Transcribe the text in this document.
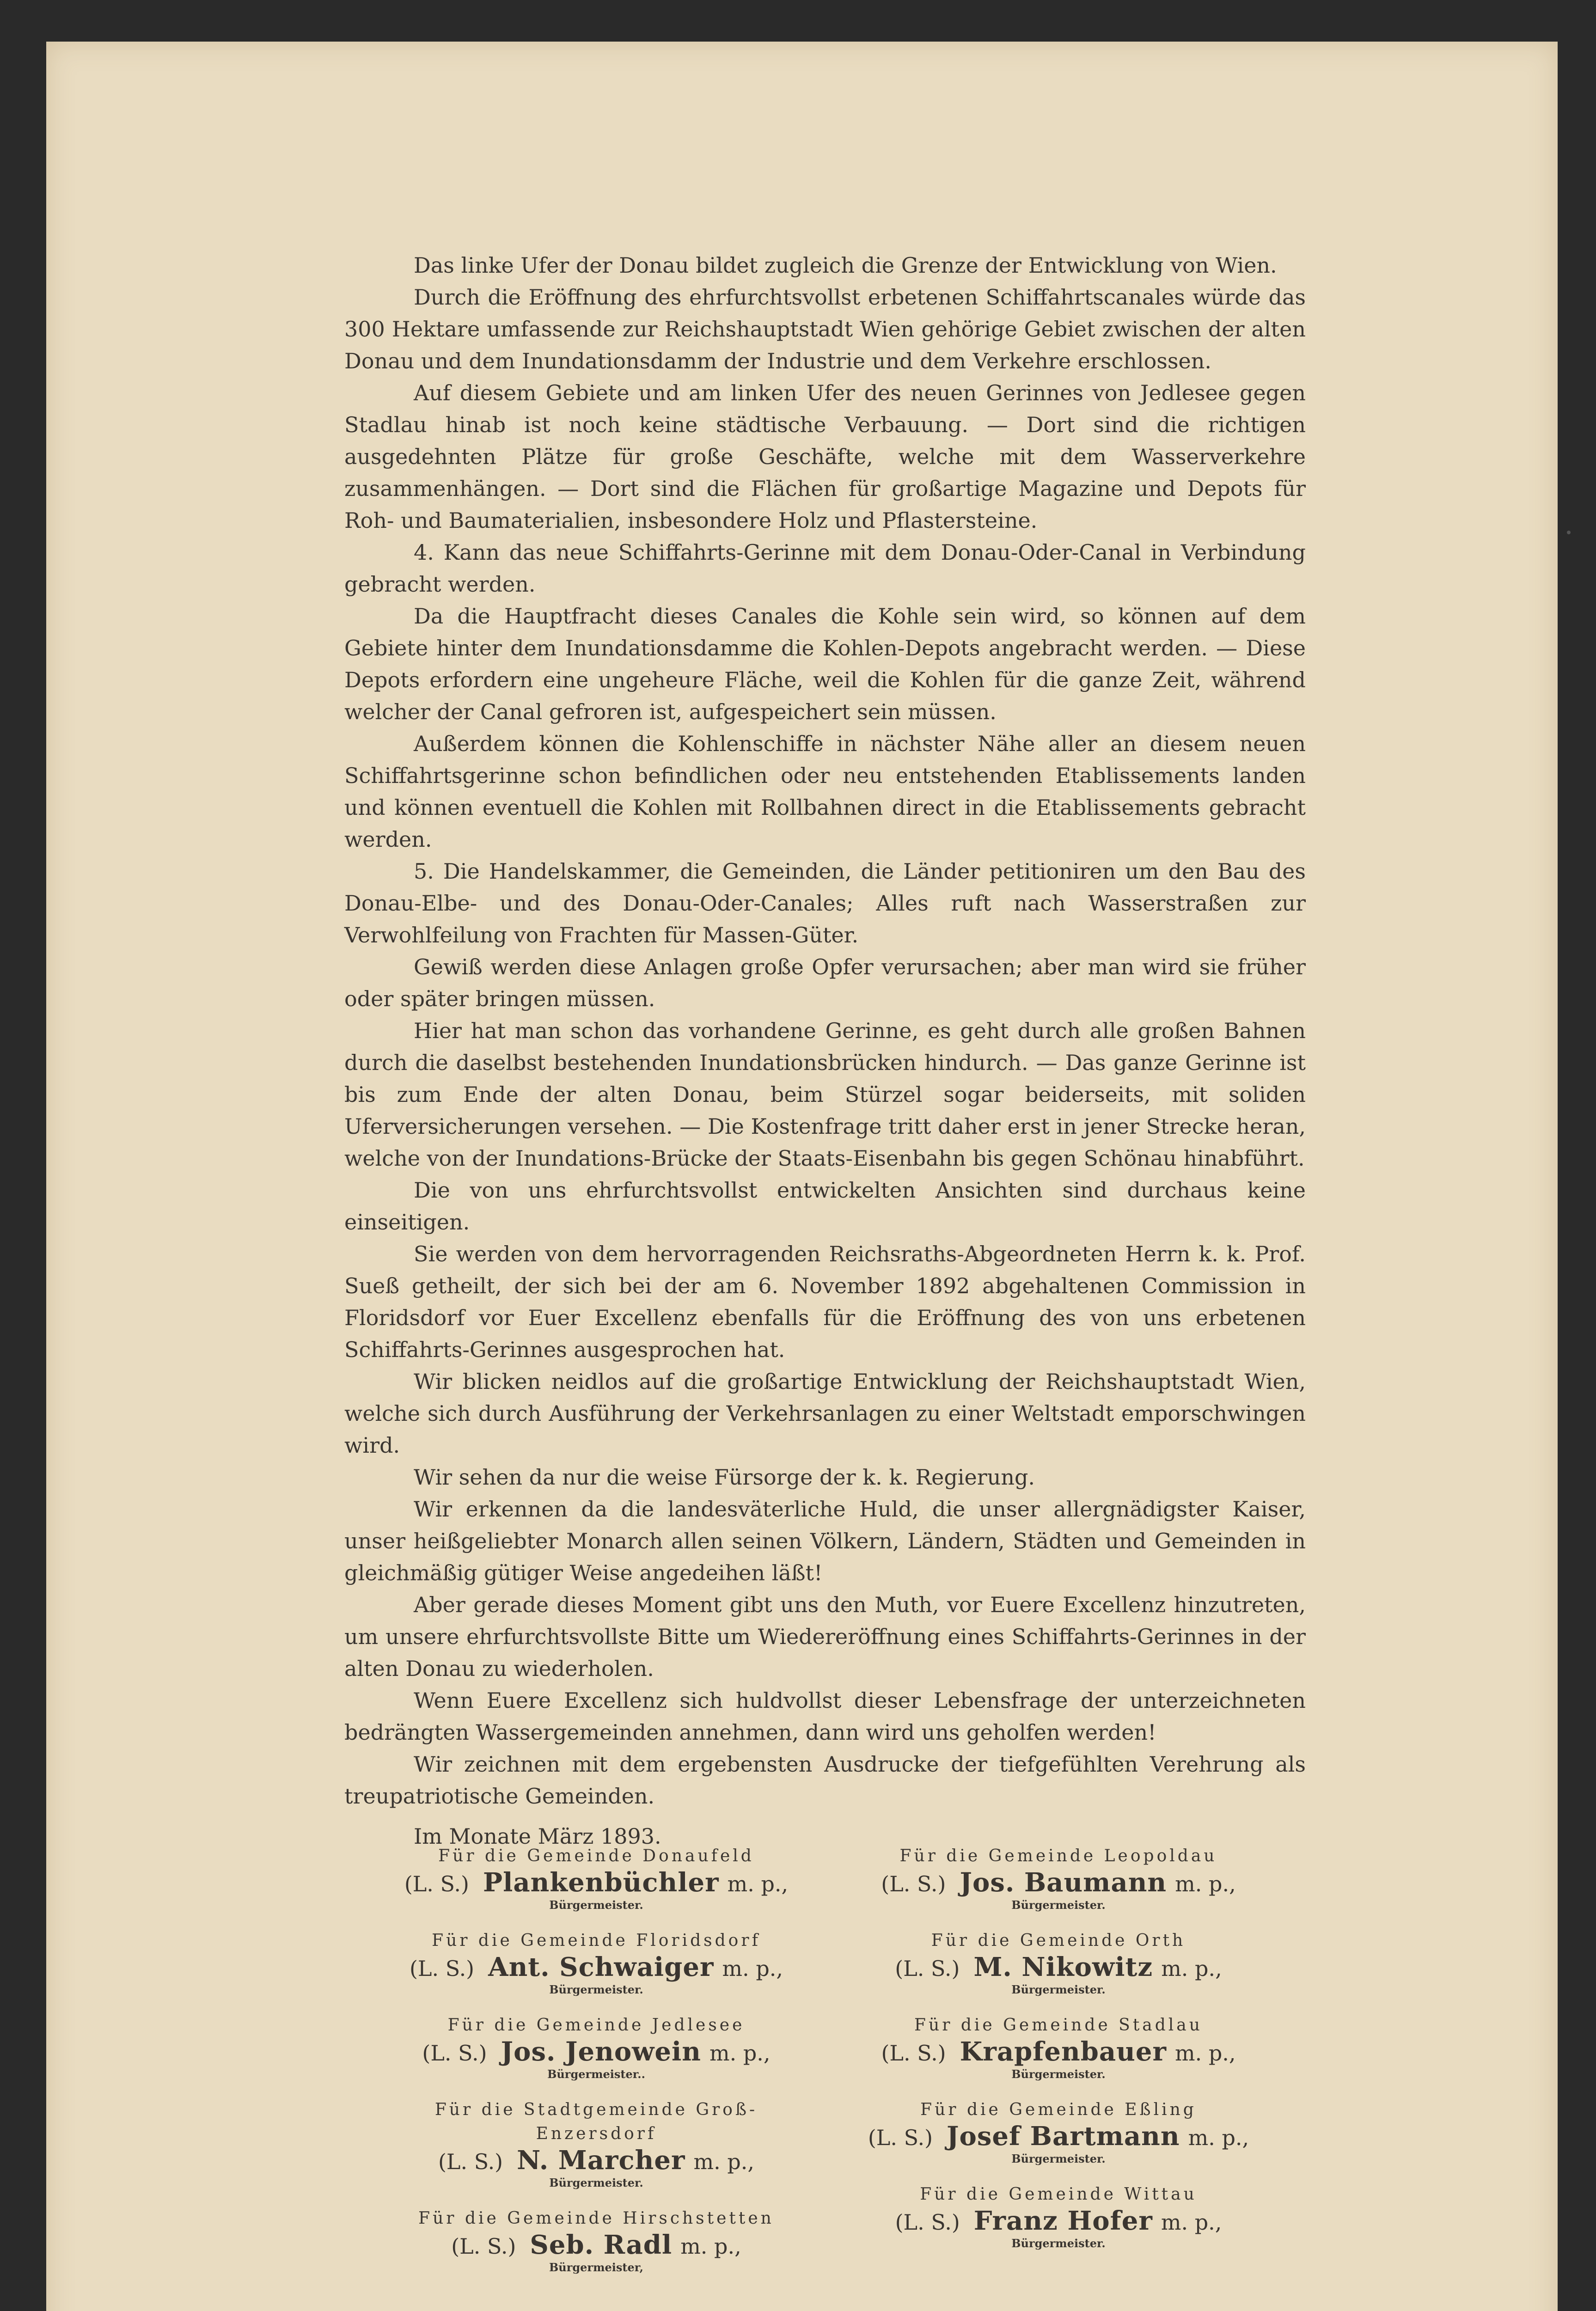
Das linke Ufer der Donau bildet zugleich die Grenze der Entwicklung von Wien.

Durch die Eröffnung des ehrfurchtsvollst erbetenen Schiffahrtscanales würde das 300 Hektare umfassende zur Reichshauptstadt Wien gehörige Gebiet zwischen der alten Donau und dem Inundationsdamm der Industrie und dem Verkehre erschlossen.

Auf diesem Gebiete und am linken Ufer des neuen Gerinnes von Jedlesee gegen Stadlau hinab ist noch keine städtische Verbauung. — Dort sind die richtigen ausgedehnten Plätze für große Geschäfte, welche mit dem Wasserverkehre zusammenhängen. — Dort sind die Flächen für großartige Magazine und Depots für Roh- und Baumaterialien, insbesondere Holz und Pflastersteine.

4. Kann das neue Schiffahrts-Gerinne mit dem Donau-Oder-Canal in Verbindung gebracht werden.

Da die Hauptfracht dieses Canales die Kohle sein wird, so können auf dem Gebiete hinter dem Inundationsdamme die Kohlen-Depots angebracht werden. — Diese Depots erfordern eine ungeheure Fläche, weil die Kohlen für die ganze Zeit, während welcher der Canal gefroren ist, aufgespeichert sein müssen.

Außerdem können die Kohlenschiffe in nächster Nähe aller an diesem neuen Schiffahrtsgerinne schon befindlichen oder neu entstehenden Etablissements landen und können eventuell die Kohlen mit Rollbahnen direct in die Etablissements gebracht werden.

5. Die Handelskammer, die Gemeinden, die Länder petitioniren um den Bau des Donau-Elbe- und des Donau-Oder-Canales; Alles ruft nach Wasserstraßen zur Verwohlfeilung von Frachten für Massen-Güter.

Gewiß werden diese Anlagen große Opfer verursachen; aber man wird sie früher oder später bringen müssen.

Hier hat man schon das vorhandene Gerinne, es geht durch alle großen Bahnen durch die daselbst bestehenden Inundationsbrücken hindurch. — Das ganze Gerinne ist bis zum Ende der alten Donau, beim Stürzel sogar beiderseits, mit soliden Uferversicherungen versehen. — Die Kostenfrage tritt daher erst in jener Strecke heran, welche von der Inundations-Brücke der Staats-Eisenbahn bis gegen Schönau hinabführt.

Die von uns ehrfurchtsvollst entwickelten Ansichten sind durchaus keine einseitigen.

Sie werden von dem hervorragenden Reichsraths-Abgeordneten Herrn k. k. Prof. Sueß getheilt, der sich bei der am 6. November 1892 abgehaltenen Commission in Floridsdorf vor Euer Excellenz ebenfalls für die Eröffnung des von uns erbetenen Schiffahrts-Gerinnes ausgesprochen hat.

Wir blicken neidlos auf die großartige Entwicklung der Reichshauptstadt Wien, welche sich durch Ausführung der Verkehrsanlagen zu einer Weltstadt emporschwingen wird.

Wir sehen da nur die weise Fürsorge der k. k. Regierung.

Wir erkennen da die landesväterliche Huld, die unser allergnädigster Kaiser, unser heißgeliebter Monarch allen seinen Völkern, Ländern, Städten und Gemeinden in gleichmäßig gütiger Weise angedeihen läßt!

Aber gerade dieses Moment gibt uns den Muth, vor Euere Excellenz hinzutreten, um unsere ehrfurchtsvollste Bitte um Wiedereröffnung eines Schiffahrts-Gerinnes in der alten Donau zu wiederholen.

Wenn Euere Excellenz sich huldvollst dieser Lebensfrage der unterzeichneten bedrängten Wassergemeinden annehmen, dann wird uns geholfen werden!

Wir zeichnen mit dem ergebensten Ausdrucke der tiefgefühlten Verehrung als treupatriotische Gemeinden.

Im Monate März 1893.
Für die Gemeinde Donaufeld
(L. S.) Plankenbüchler m. p.,
Bürgermeister.
Für die Gemeinde Floridsdorf
(L. S.) Ant. Schwaiger m. p.,
Bürgermeister.
Für die Gemeinde Jedlesee
(L. S.) Jos. Jenowein m. p.,
Bürgermeister..
Für die Stadtgemeinde Groß-Enzersdorf
(L. S.) N. Marcher m. p.,
Bürgermeister.
Für die Gemeinde Hirschstetten
(L. S.) Seb. Radl m. p.,
Bürgermeister,
Für die Gemeinde Leopoldau
(L. S.) Jos. Baumann m. p.,
Bürgermeister.
Für die Gemeinde Orth
(L. S.) M. Nikowitz m. p.,
Bürgermeister.
Für die Gemeinde Stadlau
(L. S.) Krapfenbauer m. p.,
Bürgermeister.
Für die Gemeinde Eßling
(L. S.) Josef Bartmann m. p.,
Bürgermeister.
Für die Gemeinde Wittau
(L. S.) Franz Hofer m. p.,
Bürgermeister.
